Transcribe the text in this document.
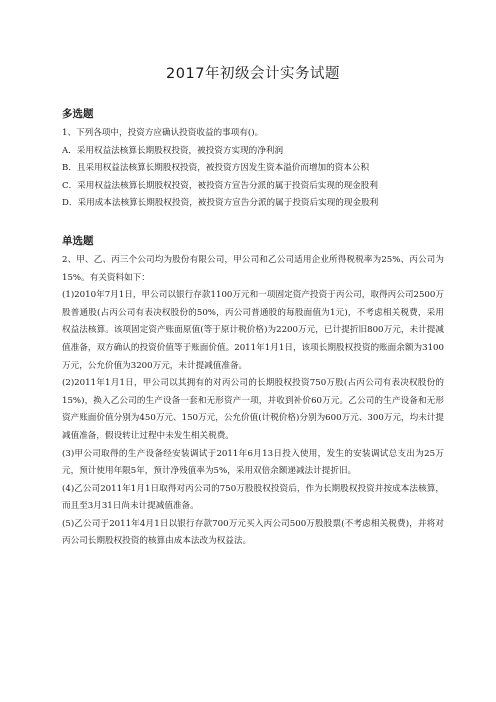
2017年初级会计实务试题
多选题

1、下列各项中，投资方应确认投资收益的事项有()。

A．采用权益法核算长期股权投资，被投资方实现的净利润

B．且采用权益法核算长期股权投资，被投资方因发生资本溢价而增加的资本公积

C．采用权益法核算长期股权投资，被投资方宣告分派的属于投资后实现的现金股利

D．采用成本法核算长期股权投资，被投资方宣告分派的属于投资后实现的现金股利

单选题

2、甲、乙、丙三个公司均为股份有限公司，甲公司和乙公司适用企业所得税税率为25%、丙公司为15%。有关资料如下：

(1)2010年7月1日，甲公司以银行存款1100万元和一项固定资产投资于丙公司，取得丙公司2500万股普通股(占丙公司有表决权股份的50%，丙公司普通股的每股面值为1元)，不考虑相关税费，采用权益法核算。该项固定资产账面原值(等于原计税价格)为2200万元，已计提折旧800万元，未计提减值准备，双方确认的投资价值等于账面价值。2011年1月1日，该项长期股权投资的账面余额为3100万元，公允价值为3200万元，未计提减值准备。

(2)2011年1月1日，甲公司以其拥有的对丙公司的长期股权投资750万股(占丙公司有表决权股份的 15%)，换入乙公司的生产设备一套和无形资产一项，并收到补价60万元。乙公司的生产设备和无形资产账面价值分别为450万元、150万元，公允价值(计税价格)分别为600万元、300万元，均未计提减值准备，假设转让过程中未发生相关税费。

(3)甲公司取得的生产设备经安装调试于2011年6月13日投入使用，发生的安装调试总支出为25万元，预计使用年限5年，预计净残值率为5%，采用双倍余额递减法计提折旧。

(4)乙公司2011年1月1日取得对丙公司的750万股股权投资后，作为长期股权投资并按成本法核算，而且至3月31日尚未计提减值准备。

(5)乙公司于2011年4月1日以银行存款700万元买入丙公司500万股股票(不考虑相关税费)，并将对丙公司长期股权投资的核算由成本法改为权益法。
